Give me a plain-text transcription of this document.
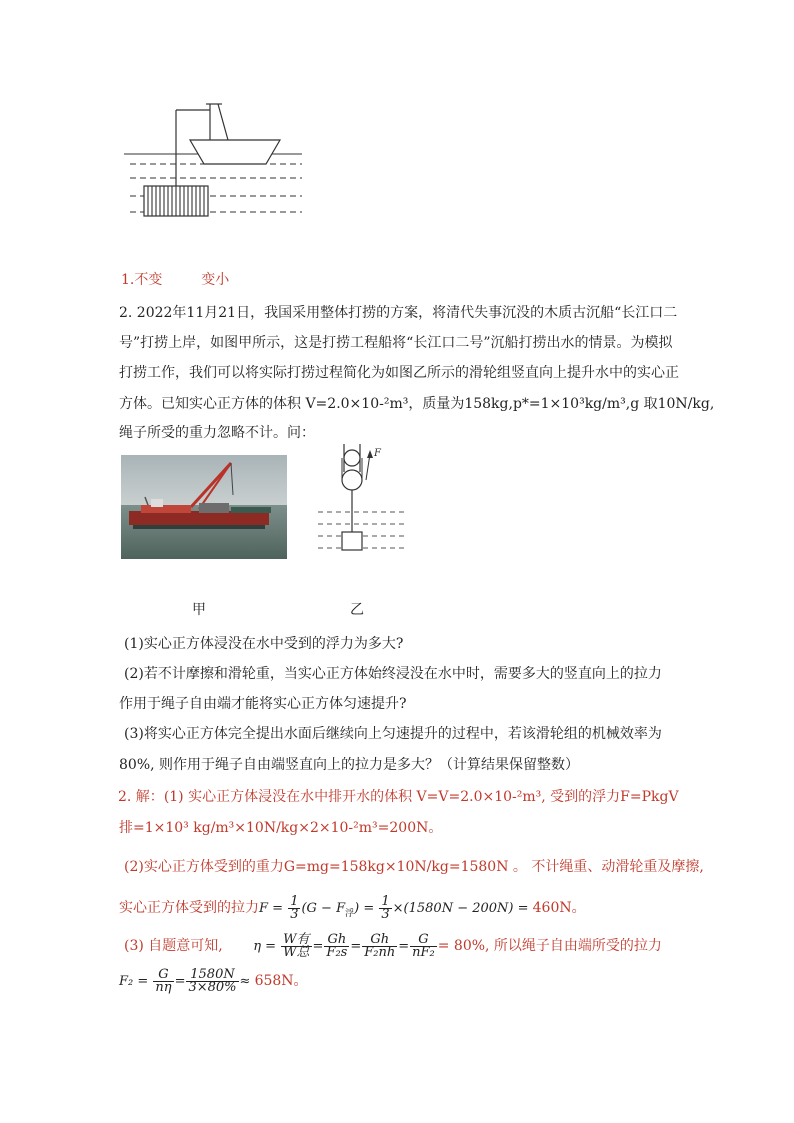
1.不变	变小
2. 2022年11月21日，我国采用整体打捞的方案，将清代失事沉没的木质古沉船“长江口二
号”打捞上岸，如图甲所示，这是打捞工程船将“长江口二号”沉船打捞出水的情景。为模拟
打捞工作，我们可以将实际打捞过程简化为如图乙所示的滑轮组竖直向上提升水中的实心正
方体。已知实心正方体的体积 V=2.0×10-²m³，质量为158kg,p*=1×10³kg/m³,g 取10N/kg,
绳子所受的重力忽略不计。问：
F
甲	乙
(1)实心正方体浸没在水中受到的浮力为多大?
(2)若不计摩擦和滑轮重，当实心正方体始终浸没在水中时，需要多大的竖直向上的拉力
作用于绳子自由端才能将实心正方体匀速提升?
(3)将实心正方体完全提出水面后继续向上匀速提升的过程中，若该滑轮组的机械效率为
80%, 则作用于绳子自由端竖直向上的拉力是多大？（计算结果保留整数）
2. 解：(1) 实心正方体浸没在水中排开水的体积 V=V=2.0×10-²m³, 受到的浮力F=PkgV
排=1×10³ kg/m³×10N/kg×2×10-²m³=200N。
(2)实心正方体受到的重力G=mg=158kg×10N/kg=1580N 。 不计绳重、动滑轮重及摩擦,
实心正方体受到的拉力$F = \frac{1}{3} (G - F_浮) = \frac{1}{3} \times(1580N - 200N) = 460N$。
(3) 自题意可知, $\eta = \frac{\text{W有}}{\text{W总}} = \frac{Gh}{\text{F₂s}} = \frac{Gh}{\text{F₂nh}} = \frac{G}{\text{nF₂}} = 80\%$, 所以绳子自由端所受的拉力
$F_2 = \frac{G}{n\eta} = \frac{1580N}{3\times 80\%} \approx 658N$。
